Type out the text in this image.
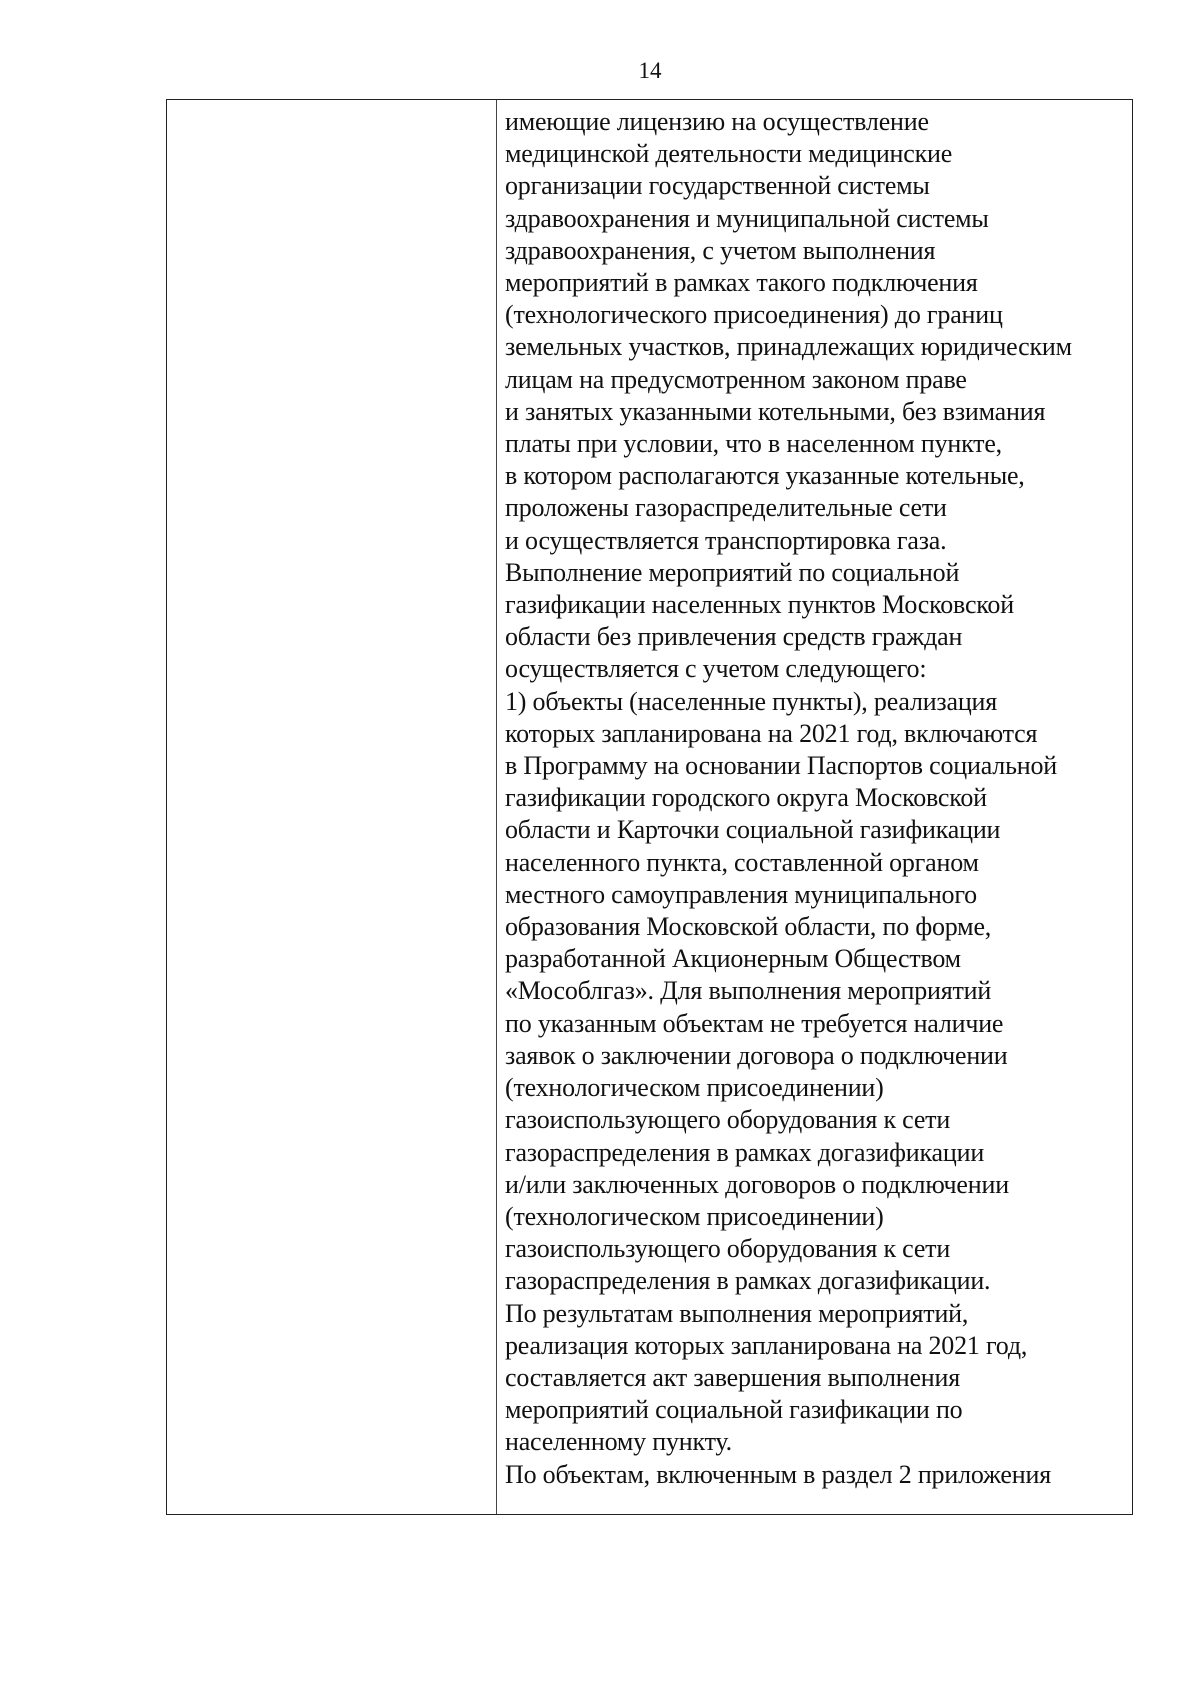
14
имеющие лицензию на осуществление
медицинской деятельности медицинские
организации государственной системы
здравоохранения и муниципальной системы
здравоохранения, с учетом выполнения
мероприятий в рамках такого подключения
(технологического присоединения) до границ
земельных участков, принадлежащих юридическим
лицам на предусмотренном законом праве
и занятых указанными котельными, без взимания
платы при условии, что в населенном пункте,
в котором располагаются указанные котельные,
проложены газораспределительные сети
и осуществляется транспортировка газа.
Выполнение мероприятий по социальной
газификации населенных пунктов Московской
области без привлечения средств граждан
осуществляется с учетом следующего:
1) объекты (населенные пункты), реализация
которых запланирована на 2021 год, включаются
в Программу на основании Паспортов социальной
газификации городского округа Московской
области и Карточки социальной газификации
населенного пункта, составленной органом
местного самоуправления муниципального
образования Московской области, по форме,
разработанной Акционерным Обществом
«Мособлгаз». Для выполнения мероприятий
по указанным объектам не требуется наличие
заявок о заключении договора о подключении
(технологическом присоединении)
газоиспользующего оборудования к сети
газораспределения в рамках догазификации
и/или заключенных договоров о подключении
(технологическом присоединении)
газоиспользующего оборудования к сети
газораспределения в рамках догазификации.
По результатам выполнения мероприятий,
реализация которых запланирована на 2021 год,
составляется акт завершения выполнения
мероприятий социальной газификации по
населенному пункту.
По объектам, включенным в раздел 2 приложения
